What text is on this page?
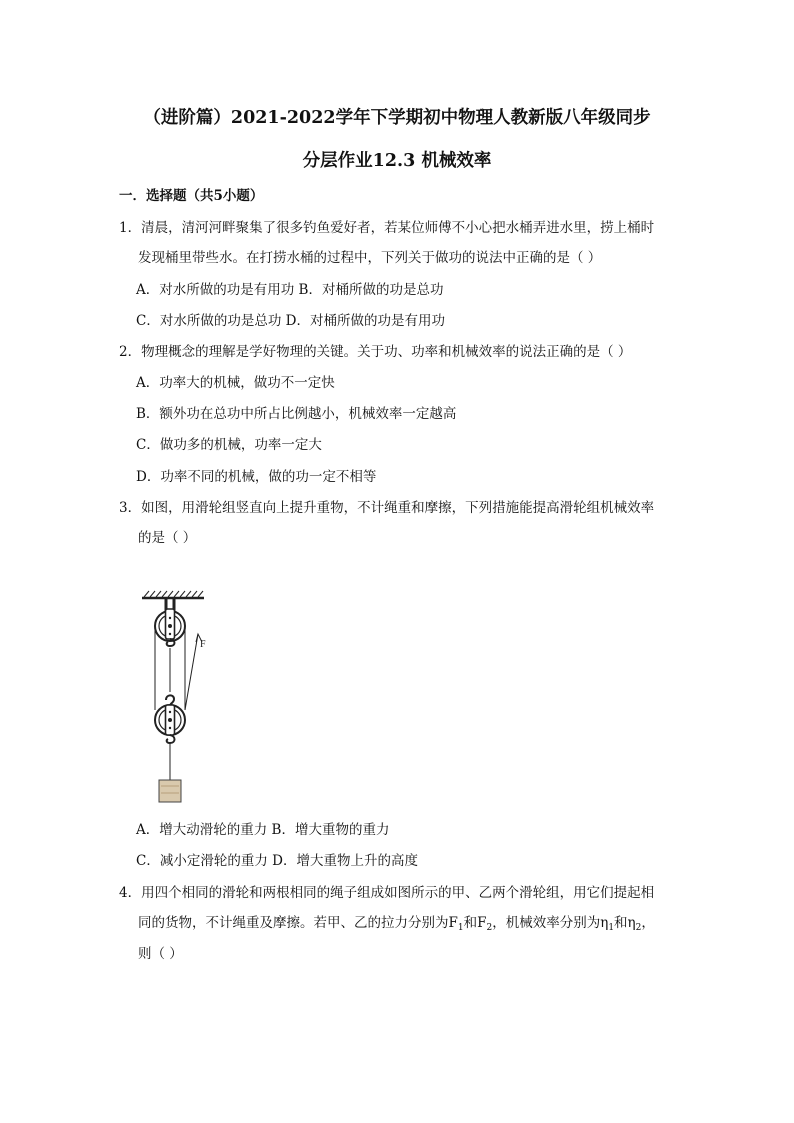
（进阶篇）2021-2022学年下学期初中物理人教新版八年级同步
分层作业12.3 机械效率
一．选择题（共5小题）
1．清晨，清河河畔聚集了很多钓鱼爱好者，若某位师傅不小心把水桶弄进水里，捞上桶时
发现桶里带些水。在打捞水桶的过程中，下列关于做功的说法中正确的是（ ）
A．对水所做的功是有用功 B．对桶所做的功是总功
C．对水所做的功是总功 D．对桶所做的功是有用功
2．物理概念的理解是学好物理的关键。关于功、功率和机械效率的说法正确的是（ ）
A．功率大的机械，做功不一定快
B．额外功在总功中所占比例越小，机械效率一定越高
C．做功多的机械，功率一定大
D．功率不同的机械，做的功一定不相等
3．如图，用滑轮组竖直向上提升重物，不计绳重和摩擦，下列措施能提高滑轮组机械效率
的是（ ）
F
A．增大动滑轮的重力 B．增大重物的重力
C．减小定滑轮的重力 D．增大重物上升的高度
4．用四个相同的滑轮和两根相同的绳子组成如图所示的甲、乙两个滑轮组，用它们提起相
同的货物，不计绳重及摩擦。若甲、乙的拉力分别为$F_1$和$F_2$，机械效率分别为$\eta_1$和$\eta_2$，
则（ ）
